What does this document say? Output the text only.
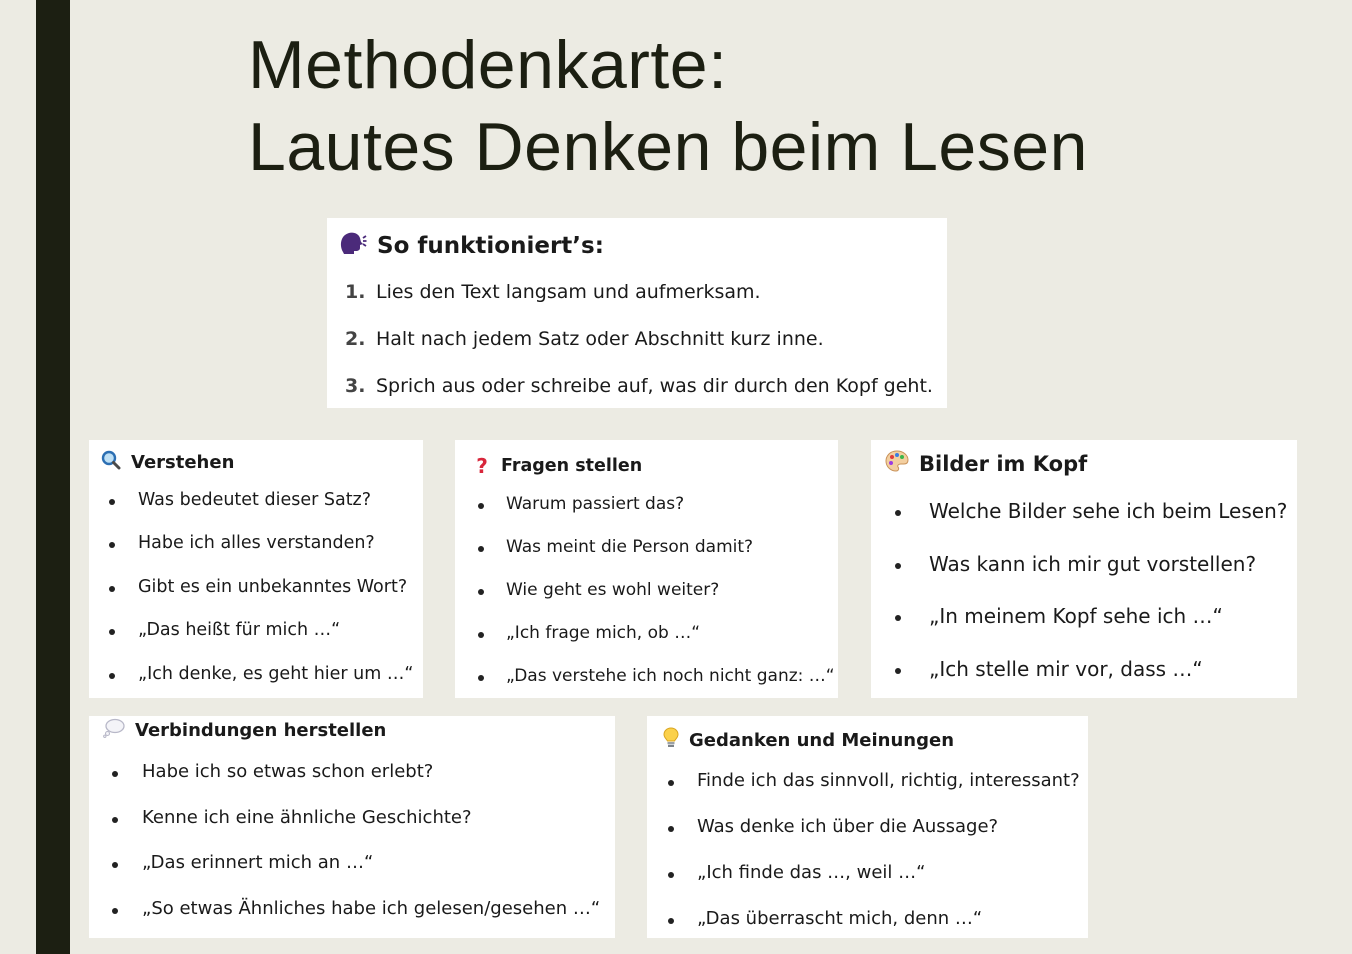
Methodenkarte:
Lautes Denken beim Lesen
So funktioniert’s:
1. Lies den Text langsam und aufmerksam.
2. Halt nach jedem Satz oder Abschnitt kurz inne.
3. Sprich aus oder schreibe auf, was dir durch den Kopf geht.
Verstehen
Was bedeutet dieser Satz?
Habe ich alles verstanden?
Gibt es ein unbekanntes Wort?
„Das heißt für mich …“
„Ich denke, es geht hier um …“
? Fragen stellen
Warum passiert das?
Was meint die Person damit?
Wie geht es wohl weiter?
„Ich frage mich, ob …“
„Das verstehe ich noch nicht ganz: …“
Bilder im Kopf
Welche Bilder sehe ich beim Lesen?
Was kann ich mir gut vorstellen?
„In meinem Kopf sehe ich …“
„Ich stelle mir vor, dass …“
Verbindungen herstellen
Habe ich so etwas schon erlebt?
Kenne ich eine ähnliche Geschichte?
„Das erinnert mich an …“
„So etwas Ähnliches habe ich gelesen/gesehen …“
Gedanken und Meinungen
Finde ich das sinnvoll, richtig, interessant?
Was denke ich über die Aussage?
„Ich finde das …, weil …“
„Das überrascht mich, denn …“
